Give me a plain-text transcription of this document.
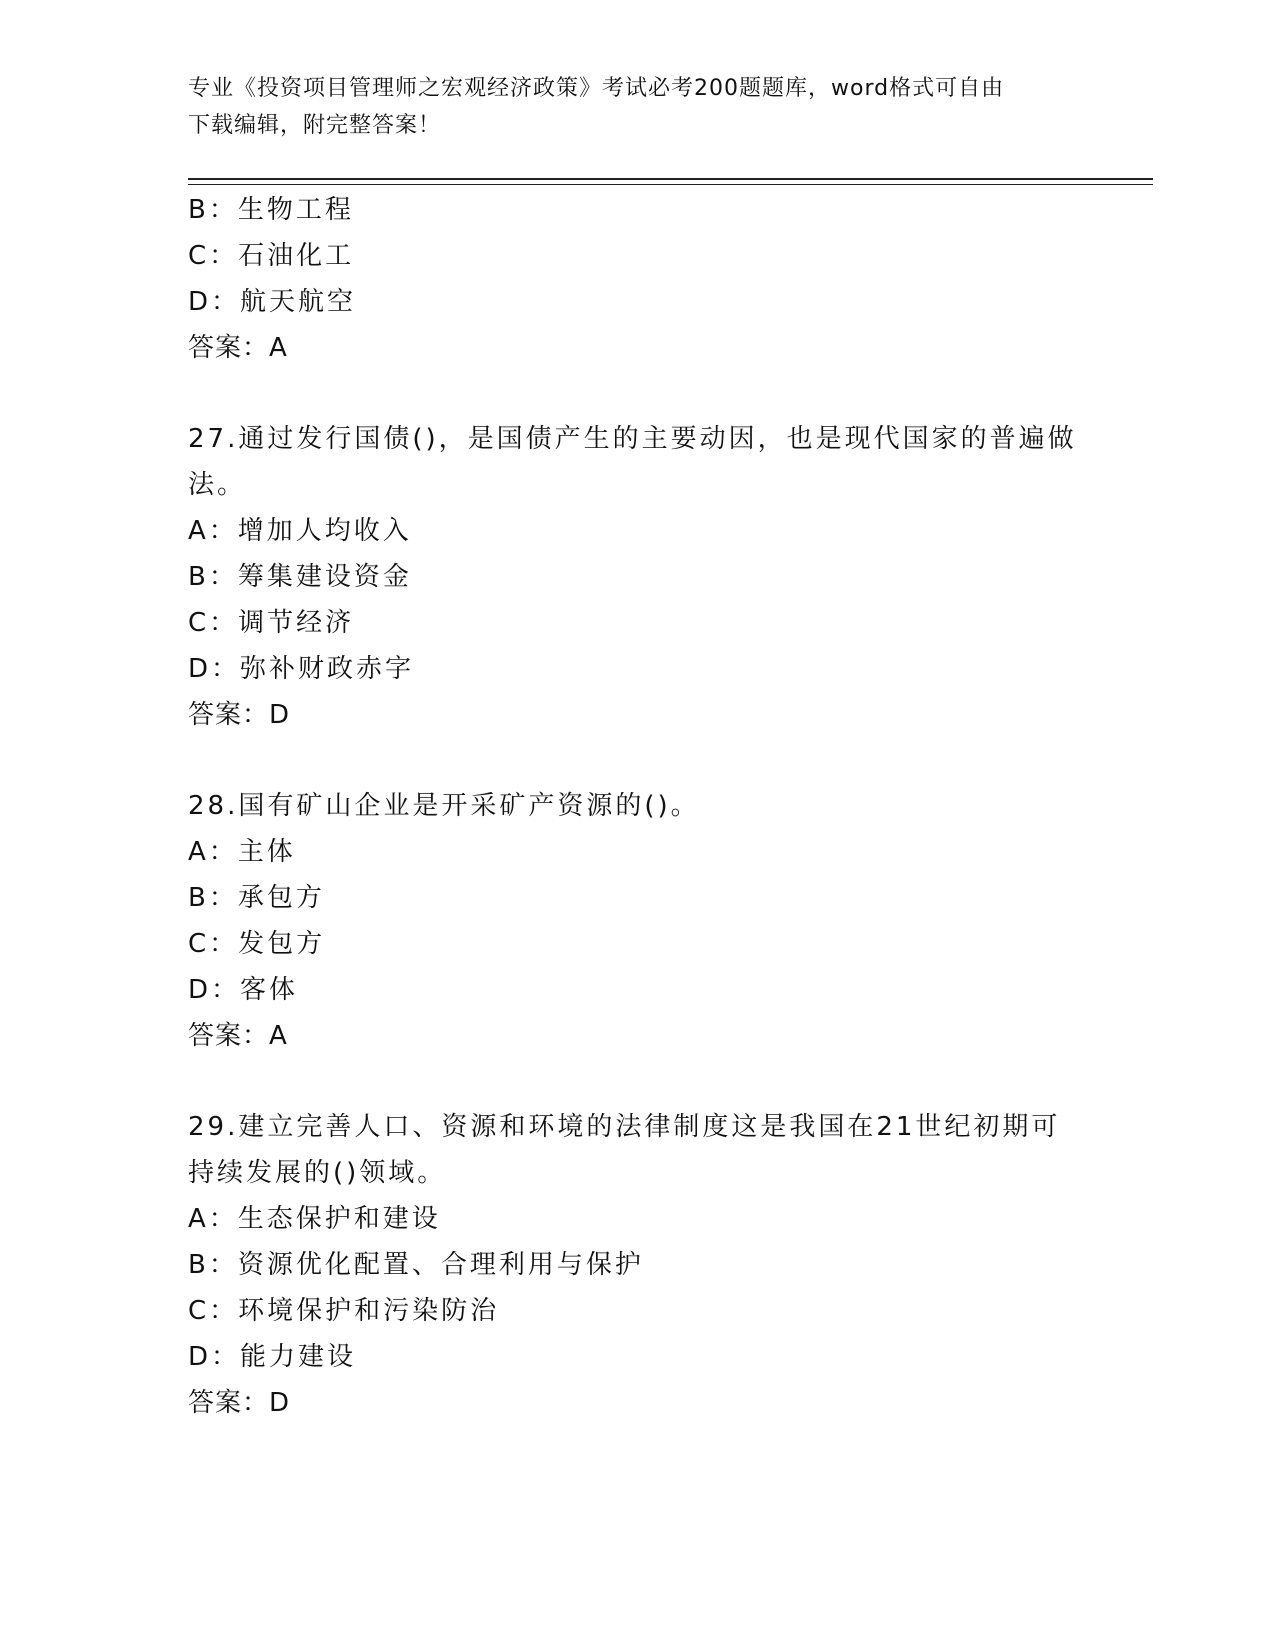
专业《投资项目管理师之宏观经济政策》考试必考200题题库，word格式可自由
下载编辑，附完整答案！
B：生物工程
C：石油化工
D：航天航空
答案：A
27.通过发行国债()，是国债产生的主要动因，也是现代国家的普遍做
法。
A：增加人均收入
B：筹集建设资金
C：调节经济
D：弥补财政赤字
答案：D
28.国有矿山企业是开采矿产资源的()。
A：主体
B：承包方
C：发包方
D：客体
答案：A
29.建立完善人口、资源和环境的法律制度这是我国在21世纪初期可
持续发展的()领域。
A：生态保护和建设
B：资源优化配置、合理利用与保护
C：环境保护和污染防治
D：能力建设
答案：D
